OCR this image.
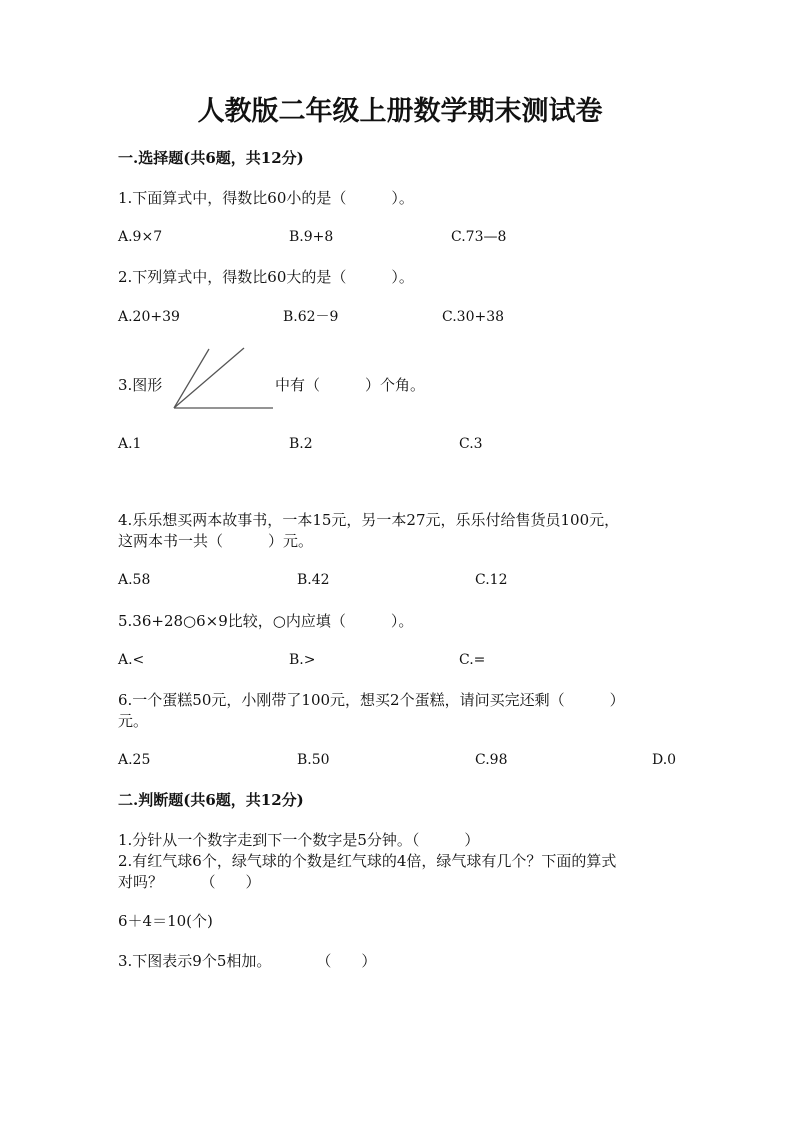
人教版二年级上册数学期末测试卷
一.选择题(共6题，共12分)
1.下面算式中，得数比60小的是（　　　）。
A.9×7	B.9+8	C.73—8
2.下列算式中，得数比60大的是（　　　）。
A.20+39	B.62－9	C.30+38
3.图形	中有（　　　）个角。
A.1	B.2	C.3
4.乐乐想买两本故事书，一本15元，另一本27元，乐乐付给售货员100元，
这两本书一共（　　　）元。
A.58	B.42	C.12
5.36+28○6×9比较，○内应填（　　　）。
A.<	B.>	C.=
6.一个蛋糕50元，小刚带了100元，想买2个蛋糕，请问买完还剩（　　　）
元。
A.25	B.50	C.98	D.0
二.判断题(共6题，共12分)
1.分针从一个数字走到下一个数字是5分钟。（　　　）
2.有红气球6个，绿气球的个数是红气球的4倍，绿气球有几个？下面的算式
对吗？　　　（　　）
6＋4＝10(个)
3.下图表示9个5相加。　　　　（　　）
